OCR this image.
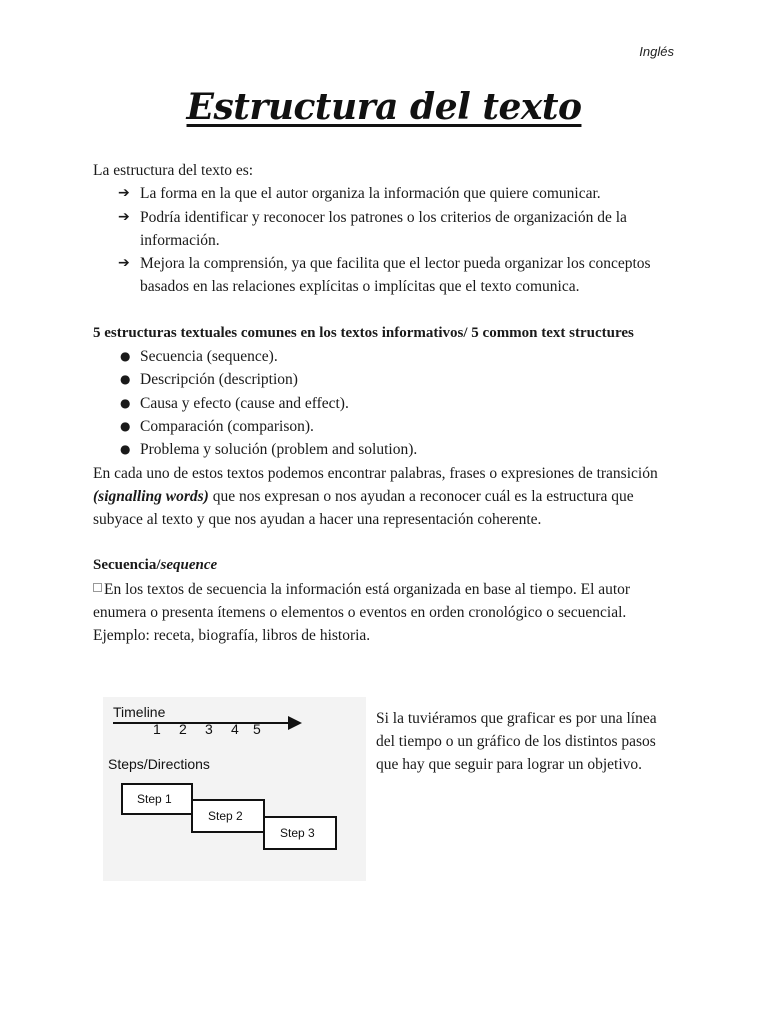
Inglés
Estructura del texto

La estructura del texto es:

➔ La forma en la que el autor organiza la información que quiere comunicar.
➔ Podría identificar y reconocer los patrones o los criterios de organización de la información.
➔ Mejora la comprensión, ya que facilita que el lector pueda organizar los conceptos basados en las relaciones explícitas o implícitas que el texto comunica.

5 estructuras textuales comunes en los textos informativos/ 5 common text structures

● Secuencia (sequence).
● Descripción (description)
● Causa y efecto (cause and effect).
● Comparación (comparison).
● Problema y solución (problem and solution).

En cada uno de estos textos podemos encontrar palabras, frases o expresiones de transición (signalling words) que nos expresan o nos ayudan a reconocer cuál es la estructura que subyace al texto y que nos ayudan a hacer una representación coherente.

Secuencia/sequence

En los textos de secuencia la información está organizada en base al tiempo. El autor enumera o presenta ítemens o elementos o eventos en orden cronológico o secuencial. Ejemplo: receta, biografía, libros de historia.

Timeline
1 2 3 4 5
Steps/Directions
Step 1
Step 2
Step 3
Si la tuviéramos que graficar es por una línea del tiempo o un gráfico de los distintos pasos que hay que seguir para lograr un objetivo.
